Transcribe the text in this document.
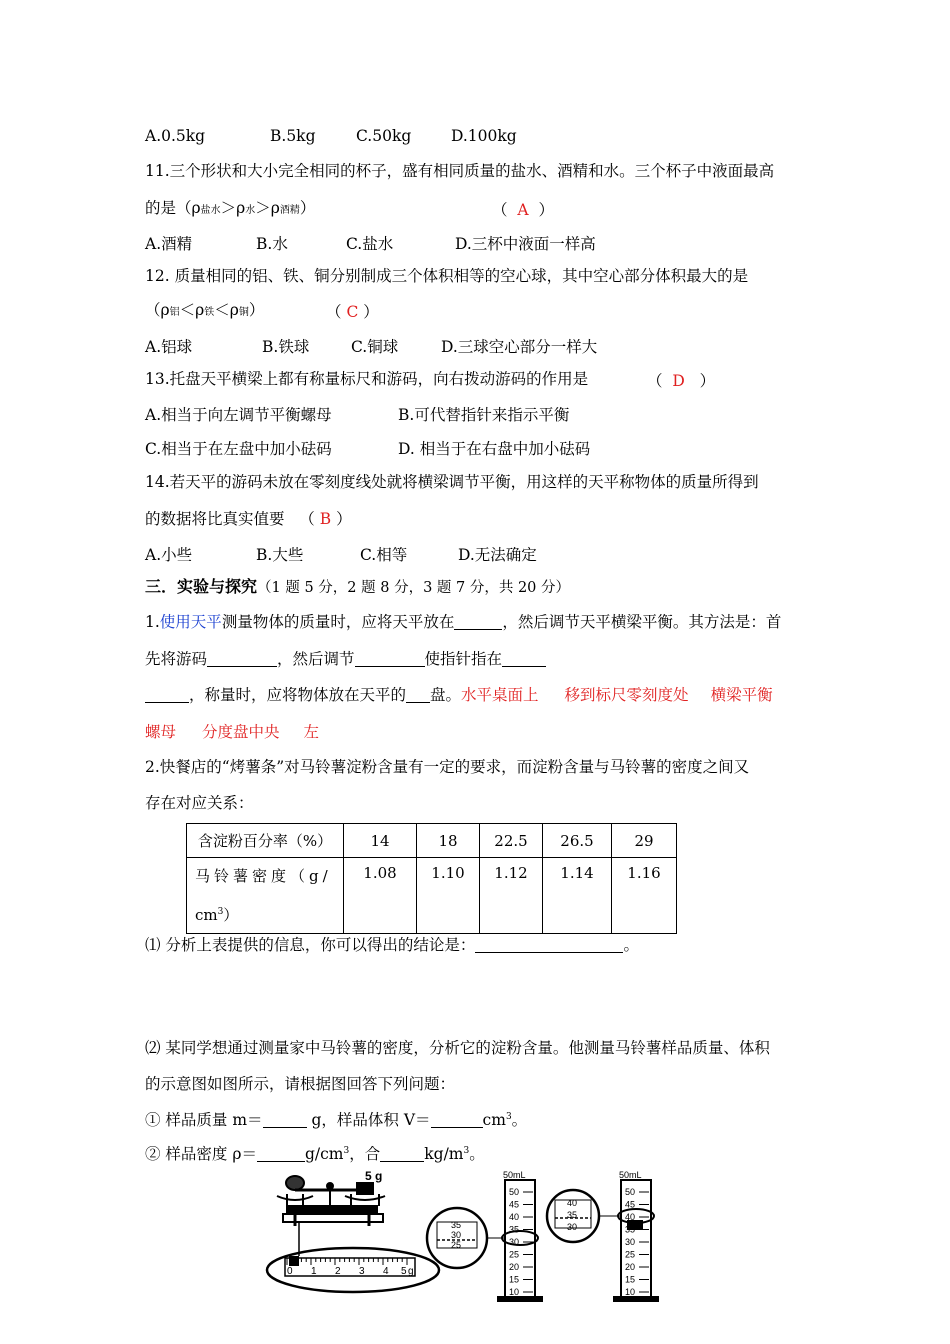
A.0.5kg	B.5kg	C.50kg	D.100kg
11.三个形状和大小完全相同的杯子，盛有相同质量的盐水、酒精和水。三个杯子中液面最高
的是（ρ盐水＞ρ水＞ρ酒精）	（ A ）
A.酒精	B.水	C.盐水	D.三杯中液面一样高
12. 质量相同的铝、铁、铜分别制成三个体积相等的空心球，其中空心部分体积最大的是
（ρ铝＜ρ铁＜ρ铜）	（ C ）
A.铝球	B.铁球	C.铜球	D.三球空心部分一样大
13.托盘天平横梁上都有称量标尺和游码，向右拨动游码的作用是	（ D ）
A.相当于向左调节平衡螺母	B.可代替指针来指示平衡
C.相当于在左盘中加小砝码	D. 相当于在右盘中加小砝码
14.若天平的游码未放在零刻度线处就将横梁调节平衡，用这样的天平称物体的质量所得到
的数据将比真实值要 （ B ）
A.小些	B.大些	C.相等	D.无法确定
三．实验与探究（1 题 5 分，2 题 8 分，3 题 7 分，共 20 分）
1.使用天平测量物体的质量时，应将天平放在	，然后调节天平横梁平衡。其方法是：首
先将游码	，然后调节	使指针指在
，称量时，应将物体放在天平的 盘。水平桌面上 移到标尺零刻度处 横梁平衡
螺母 分度盘中央 左
2.快餐店的“烤薯条”对马铃薯淀粉含量有一定的要求，而淀粉含量与马铃薯的密度之间又
存在对应关系：
含淀粉百分率（%）	14	18	22.5	26.5	29
马铃薯密度（g/
$cm^3$）	1.08	1.10	1.12	1.14	1.16
⑴ 分析上表提供的信息，你可以得出的结论是：	。
⑵ 某同学想通过测量家中马铃薯的密度，分析它的淀粉含量。他测量马铃薯样品质量、体积
的示意图如图所示，请根据图回答下列问题：
① 样品质量 m＝	g，样品体积 V＝	$cm^3$。
② 样品密度 ρ＝	$g/cm^3$，合	$kg/m^3$。
5 g
0 1 2 3 4 5 g
35
30
25
50mL
50
45
40
35
30
25
20
15
10
40
35
30
50mL
50
45
40
35
30
25
20
15
10
